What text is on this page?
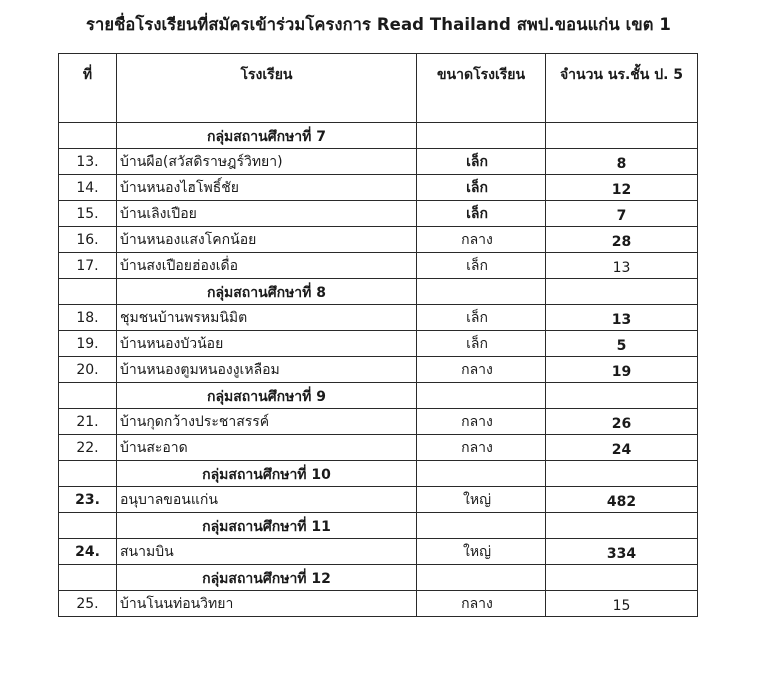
รายชื่อโรงเรียนที่สมัครเข้าร่วมโครงการ Read Thailand สพป.ขอนแก่น เขต 1
ที่	โรงเรียน	ขนาดโรงเรียน	จำนวน นร.ชั้น ป. 5
	กลุ่มสถานศึกษาที่ 7		
13.	บ้านผือ(สวัสดิราษฎร์วิทยา)	เล็ก	8
14.	บ้านหนองไฮโพธิ์ชัย	เล็ก	12
15.	บ้านเลิงเปือย	เล็ก	7
16.	บ้านหนองแสงโคกน้อย	กลาง	28
17.	บ้านสงเปือยฮ่องเดื่อ	เล็ก	13
	กลุ่มสถานศึกษาที่ 8		
18.	ชุมชนบ้านพรหมนิมิต	เล็ก	13
19.	บ้านหนองบัวน้อย	เล็ก	5
20.	บ้านหนองตูมหนองงูเหลือม	กลาง	19
	กลุ่มสถานศึกษาที่ 9		
21.	บ้านกุดกว้างประชาสรรค์	กลาง	26
22.	บ้านสะอาด	กลาง	24
	กลุ่มสถานศึกษาที่ 10		
23.	อนุบาลขอนแก่น	ใหญ่	482
	กลุ่มสถานศึกษาที่ 11		
24.	สนามบิน	ใหญ่	334
	กลุ่มสถานศึกษาที่ 12		
25.	บ้านโนนท่อนวิทยา	กลาง	15
